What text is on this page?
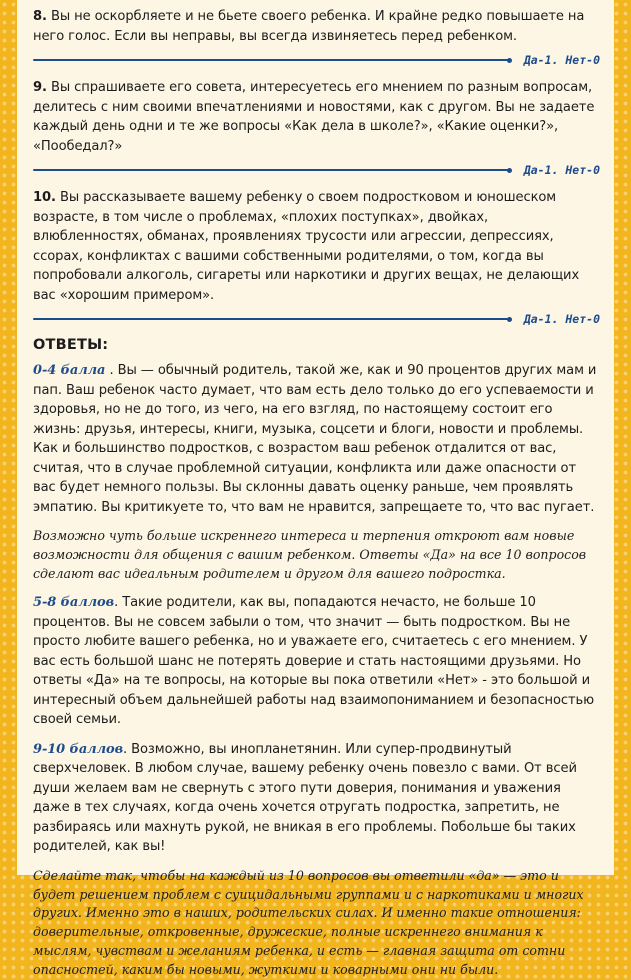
8. Вы не оскорбляете и не бьете своего ребенка. И крайне редко повышаете на него голос. Если вы неправы, вы всегда извиняетесь перед ребенком.

Да-1. Нет-0

9. Вы спрашиваете его совета, интересуетесь его мнением по разным вопросам, делитесь с ним своими впечатлениями и новостями, как с другом. Вы не задаете каждый день одни и те же вопросы «Как дела в школе?», «Какие оценки?», «Пообедал?»

Да-1. Нет-0

10. Вы рассказываете вашему ребенку о своем подростковом и юношеском возрасте, в том числе о проблемах, «плохих поступках», двойках, влюбленностях, обманах, проявлениях трусости или агрессии, депрессиях, ссорах, конфликтах с вашими собственными родителями, о том, когда вы попробовали алкоголь, сигареты или наркотики и других вещах, не делающих вас «хорошим примером».

Да-1. Нет-0
ОТВЕТЫ:

0-4 балла . Вы — обычный родитель, такой же, как и 90 процентов других мам и пап. Ваш ребенок часто думает, что вам есть дело только до его успеваемости и здоровья, но не до того, из чего, на его взгляд, по настоящему состоит его жизнь: друзья, интересы, книги, музыка, соцсети и блоги, новости и проблемы. Как и большинство подростков, с возрастом ваш ребенок отдалится от вас, считая, что в случае проблемной ситуации, конфликта или даже опасности от вас будет немного пользы. Вы склонны давать оценку раньше, чем проявлять эмпатию. Вы критикуете то, что вам не нравится, запрещаете то, что вас пугает.

Возможно чуть больше искреннего интереса и терпения откроют вам новые возможности для общения с вашим ребенком. Ответы «Да» на все 10 вопросов сделают вас идеальным родителем и другом для вашего подростка.

5-8 баллов. Такие родители, как вы, попадаются нечасто, не больше 10 процентов. Вы не совсем забыли о том, что значит — быть подростком. Вы не просто любите вашего ребенка, но и уважаете его, считаетесь с его мнением. У вас есть большой шанс не потерять доверие и стать настоящими друзьями. Но ответы «Да» на те вопросы, на которые вы пока ответили «Нет» - это большой и интересный объем дальнейшей работы над взаимопониманием и безопасностью своей семьи.

9-10 баллов. Возможно, вы инопланетянин. Или супер-продвинутый сверхчеловек. В любом случае, вашему ребенку очень повезло с вами. От всей души желаем вам не свернуть с этого пути доверия, понимания и уважения даже в тех случаях, когда очень хочется отругать подростка, запретить, не разбираясь или махнуть рукой, не вникая в его проблемы. Побольше бы таких родителей, как вы!

Сделайте так, чтобы на каждый из 10 вопросов вы ответили «да» — это и будет решением проблем с суицидальными группами и с наркотиками и многих других. Именно это в наших, родительских силах. И именно такие отношения: доверительные, откровенные, дружеские, полные искреннего внимания к мыслям, чувствам и желаниям ребенка, и есть — главная защита от сотни опасностей, каким бы новыми, жуткими и коварными они ни были.
